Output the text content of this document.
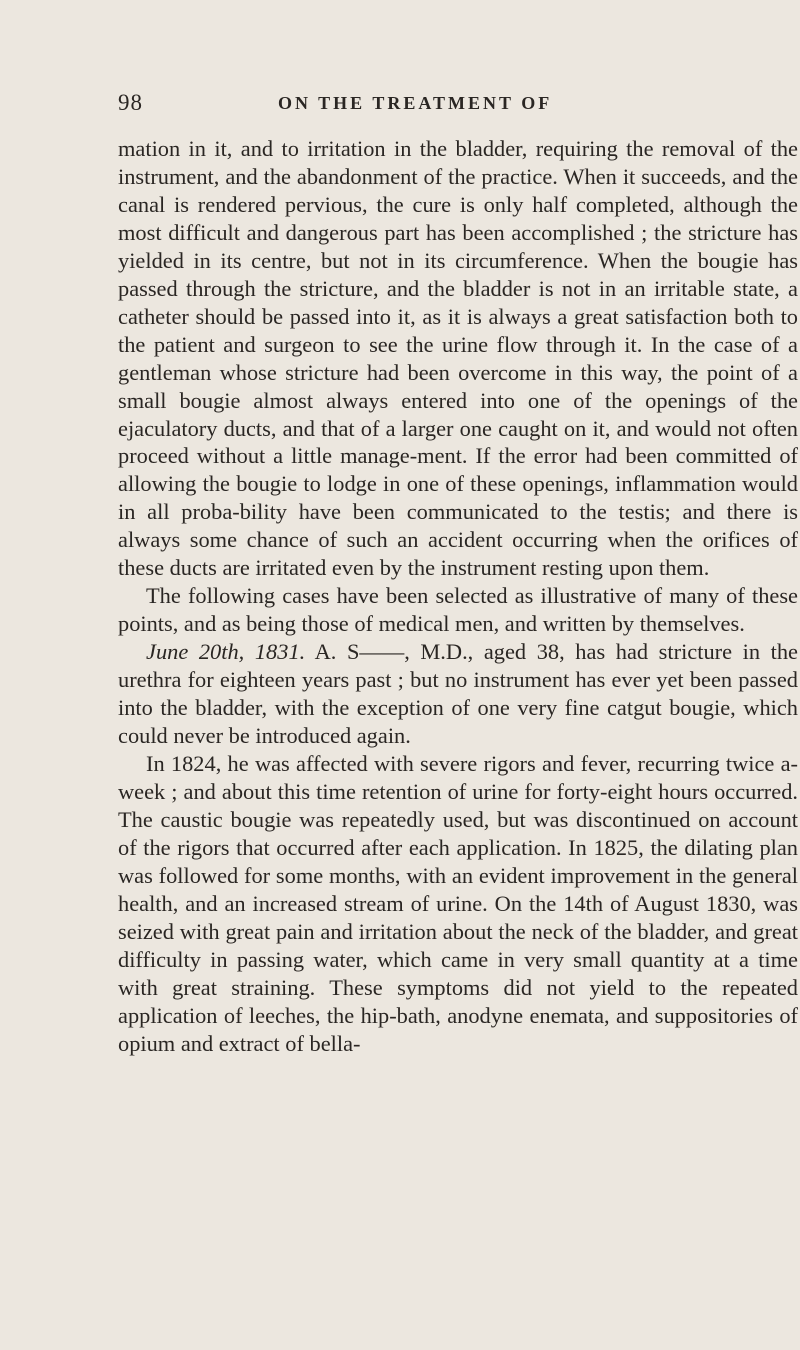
98	ON THE TREATMENT OF

mation in it, and to irritation in the bladder, requiring the removal of the instrument, and the abandonment of the practice. When it succeeds, and the canal is rendered pervious, the cure is only half completed, although the most difficult and dangerous part has been accomplished ; the stricture has yielded in its centre, but not in its circumference. When the bougie has passed through the stricture, and the bladder is not in an irritable state, a catheter should be passed into it, as it is always a great satisfaction both to the patient and surgeon to see the urine flow through it. In the case of a gentleman whose stricture had been overcome in this way, the point of a small bougie almost always entered into one of the openings of the ejaculatory ducts, and that of a larger one caught on it, and would not often proceed without a little manage-ment. If the error had been committed of allowing the bougie to lodge in one of these openings, inflammation would in all proba-bility have been communicated to the testis; and there is always some chance of such an accident occurring when the orifices of these ducts are irritated even by the instrument resting upon them.

The following cases have been selected as illustrative of many of these points, and as being those of medical men, and written by themselves.

June 20th, 1831. A. S——, M.D., aged 38, has had stricture in the urethra for eighteen years past ; but no instrument has ever yet been passed into the bladder, with the exception of one very fine catgut bougie, which could never be introduced again.

In 1824, he was affected with severe rigors and fever, recurring twice a-week ; and about this time retention of urine for forty-eight hours occurred. The caustic bougie was repeatedly used, but was discontinued on account of the rigors that occurred after each application. In 1825, the dilating plan was followed for some months, with an evident improvement in the general health, and an increased stream of urine. On the 14th of August 1830, was seized with great pain and irritation about the neck of the bladder, and great difficulty in passing water, which came in very small quantity at a time with great straining. These symptoms did not yield to the repeated application of leeches, the hip-bath, anodyne enemata, and suppositories of opium and extract of bella-
